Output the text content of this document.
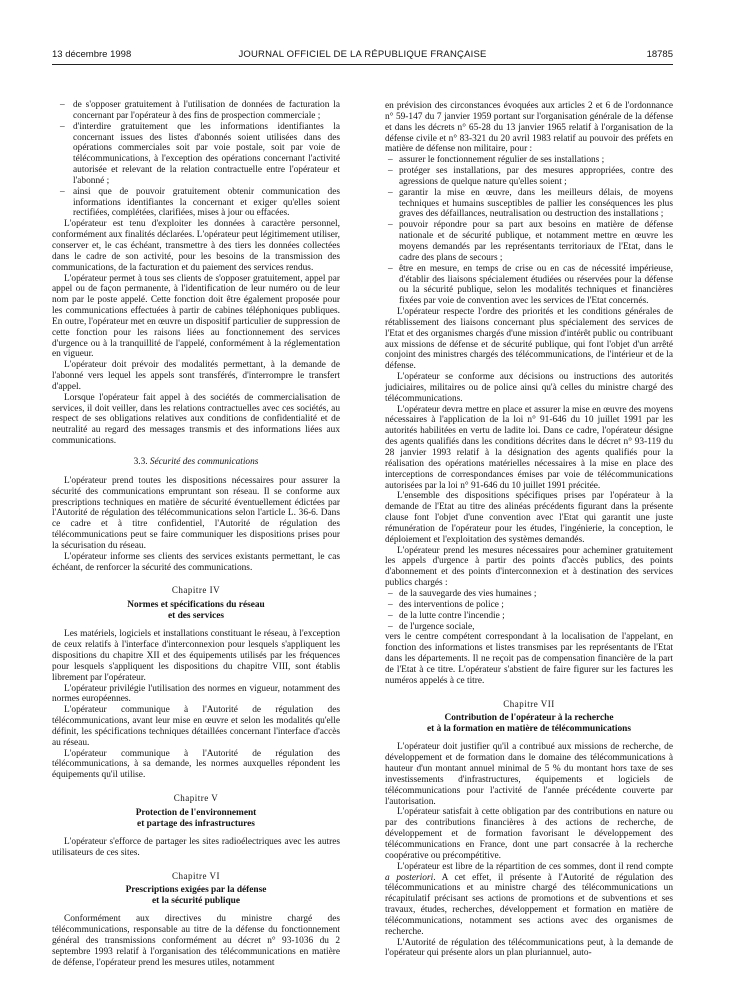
13 décembre 1998	JOURNAL OFFICIEL DE LA RÉPUBLIQUE FRANÇAISE	18785
– de s'opposer gratuitement à l'utilisation de données de facturation la concernant par l'opérateur à des fins de prospection commerciale ;
– d'interdire gratuitement que les informations identifiantes la concernant issues des listes d'abonnés soient utilisées dans des opérations commerciales soit par voie postale, soit par voie de télécommunications, à l'exception des opérations concernant l'activité autorisée et relevant de la relation contractuelle entre l'opérateur et l'abonné ;
– ainsi que de pouvoir gratuitement obtenir communication des informations identifiantes la concernant et exiger qu'elles soient rectifiées, complétées, clarifiées, mises à jour ou effacées.

L'opérateur est tenu d'exploiter les données à caractère personnel, conformément aux finalités déclarées. L'opérateur peut légitimement utiliser, conserver et, le cas échéant, transmettre à des tiers les données collectées dans le cadre de son activité, pour les besoins de la transmission des communications, de la facturation et du paiement des services rendus.

L'opérateur permet à tous ses clients de s'opposer gratuitement, appel par appel ou de façon permanente, à l'identification de leur numéro ou de leur nom par le poste appelé. Cette fonction doit être également proposée pour les communications effectuées à partir de cabines téléphoniques publiques. En outre, l'opérateur met en œuvre un dispositif particulier de suppression de cette fonction pour les raisons liées au fonctionnement des services d'urgence ou à la tranquillité de l'appelé, conformément à la réglementation en vigueur.

L'opérateur doit prévoir des modalités permettant, à la demande de l'abonné vers lequel les appels sont transférés, d'interrompre le transfert d'appel.

Lorsque l'opérateur fait appel à des sociétés de commercialisation de services, il doit veiller, dans les relations contractuelles avec ces sociétés, au respect de ses obligations relatives aux conditions de confidentialité et de neutralité au regard des messages transmis et des informations liées aux communications.

3.3. Sécurité des communications

L'opérateur prend toutes les dispositions nécessaires pour assurer la sécurité des communications empruntant son réseau. Il se conforme aux prescriptions techniques en matière de sécurité éventuellement édictées par l'Autorité de régulation des télécommunications selon l'article L. 36-6. Dans ce cadre et à titre confidentiel, l'Autorité de régulation des télécommunications peut se faire communiquer les dispositions prises pour la sécurisation du réseau.

L'opérateur informe ses clients des services existants permettant, le cas échéant, de renforcer la sécurité des communications.

Chapitre IV
Normes et spécifications du réseau
et des services

Les matériels, logiciels et installations constituant le réseau, à l'exception de ceux relatifs à l'interface d'interconnexion pour lesquels s'appliquent les dispositions du chapitre XII et des équipements utilisés par les fréquences pour lesquels s'appliquent les dispositions du chapitre VIII, sont établis librement par l'opérateur.

L'opérateur privilégie l'utilisation des normes en vigueur, notamment des normes européennes.

L'opérateur communique à l'Autorité de régulation des télécommunications, avant leur mise en œuvre et selon les modalités qu'elle définit, les spécifications techniques détaillées concernant l'interface d'accès au réseau.

L'opérateur communique à l'Autorité de régulation des télécommunications, à sa demande, les normes auxquelles répondent les équipements qu'il utilise.

Chapitre V
Protection de l'environnement
et partage des infrastructures

L'opérateur s'efforce de partager les sites radioélectriques avec les autres utilisateurs de ces sites.

Chapitre VI
Prescriptions exigées par la défense
et la sécurité publique

Conformément aux directives du ministre chargé des télécommunications, responsable au titre de la défense du fonctionnement général des transmissions conformément au décret n° 93-1036 du 2 septembre 1993 relatif à l'organisation des télécommunications en matière de défense, l'opérateur prend les mesures utiles, notamment

en prévision des circonstances évoquées aux articles 2 et 6 de l'ordonnance n° 59-147 du 7 janvier 1959 portant sur l'organisation générale de la défense et dans les décrets n° 65-28 du 13 janvier 1965 relatif à l'organisation de la défense civile et n° 83-321 du 20 avril 1983 relatif au pouvoir des préfets en matière de défense non militaire, pour :

– assurer le fonctionnement régulier de ses installations ;
– protéger ses installations, par des mesures appropriées, contre des agressions de quelque nature qu'elles soient ;
– garantir la mise en œuvre, dans les meilleurs délais, de moyens techniques et humains susceptibles de pallier les conséquences les plus graves des défaillances, neutralisation ou destruction des installations ;
– pouvoir répondre pour sa part aux besoins en matière de défense nationale et de sécurité publique, et notamment mettre en œuvre les moyens demandés par les représentants territoriaux de l'Etat, dans le cadre des plans de secours ;
– être en mesure, en temps de crise ou en cas de nécessité impérieuse, d'établir des liaisons spécialement étudiées ou réservées pour la défense ou la sécurité publique, selon les modalités techniques et financières fixées par voie de convention avec les services de l'Etat concernés.

L'opérateur respecte l'ordre des priorités et les conditions générales de rétablissement des liaisons concernant plus spécialement des services de l'Etat et des organismes chargés d'une mission d'intérêt public ou contribuant aux missions de défense et de sécurité publique, qui font l'objet d'un arrêté conjoint des ministres chargés des télécommunications, de l'intérieur et de la défense.

L'opérateur se conforme aux décisions ou instructions des autorités judiciaires, militaires ou de police ainsi qu'à celles du ministre chargé des télécommunications.

L'opérateur devra mettre en place et assurer la mise en œuvre des moyens nécessaires à l'application de la loi n° 91-646 du 10 juillet 1991 par les autorités habilitées en vertu de ladite loi. Dans ce cadre, l'opérateur désigne des agents qualifiés dans les conditions décrites dans le décret n° 93-119 du 28 janvier 1993 relatif à la désignation des agents qualifiés pour la réalisation des opérations matérielles nécessaires à la mise en place des interceptions de correspondances émises par voie de télécommunications autorisées par la loi n° 91-646 du 10 juillet 1991 précitée.

L'ensemble des dispositions spécifiques prises par l'opérateur à la demande de l'Etat au titre des alinéas précédents figurant dans la présente clause font l'objet d'une convention avec l'Etat qui garantit une juste rémunération de l'opérateur pour les études, l'ingénierie, la conception, le déploiement et l'exploitation des systèmes demandés.

L'opérateur prend les mesures nécessaires pour acheminer gratuitement les appels d'urgence à partir des points d'accès publics, des points d'abonnement et des points d'interconnexion et à destination des services publics chargés :

– de la sauvegarde des vies humaines ;
– des interventions de police ;
– de la lutte contre l'incendie ;
– de l'urgence sociale,

vers le centre compétent correspondant à la localisation de l'appelant, en fonction des informations et listes transmises par les représentants de l'Etat dans les départements. Il ne reçoit pas de compensation financière de la part de l'Etat à ce titre. L'opérateur s'abstient de faire figurer sur les factures les numéros appelés à ce titre.

Chapitre VII
Contribution de l'opérateur à la recherche
et à la formation en matière de télécommunications

L'opérateur doit justifier qu'il a contribué aux missions de recherche, de développement et de formation dans le domaine des télécommunications à hauteur d'un montant annuel minimal de 5 % du montant hors taxe de ses investissements d'infrastructures, équipements et logiciels de télécommunications pour l'activité de l'année précédente couverte par l'autorisation.

L'opérateur satisfait à cette obligation par des contributions en nature ou par des contributions financières à des actions de recherche, de développement et de formation favorisant le développement des télécommunications en France, dont une part consacrée à la recherche coopérative ou précompétitive.

L'opérateur est libre de la répartition de ces sommes, dont il rend compte a posteriori. A cet effet, il présente à l'Autorité de régulation des télécommunications et au ministre chargé des télécommunications un récapitulatif précisant ses actions de promotions et de subventions et ses travaux, études, recherches, développement et formation en matière de télécommunications, notamment ses actions avec des organismes de recherche.

L'Autorité de régulation des télécommunications peut, à la demande de l'opérateur qui présente alors un plan pluriannuel, auto-
